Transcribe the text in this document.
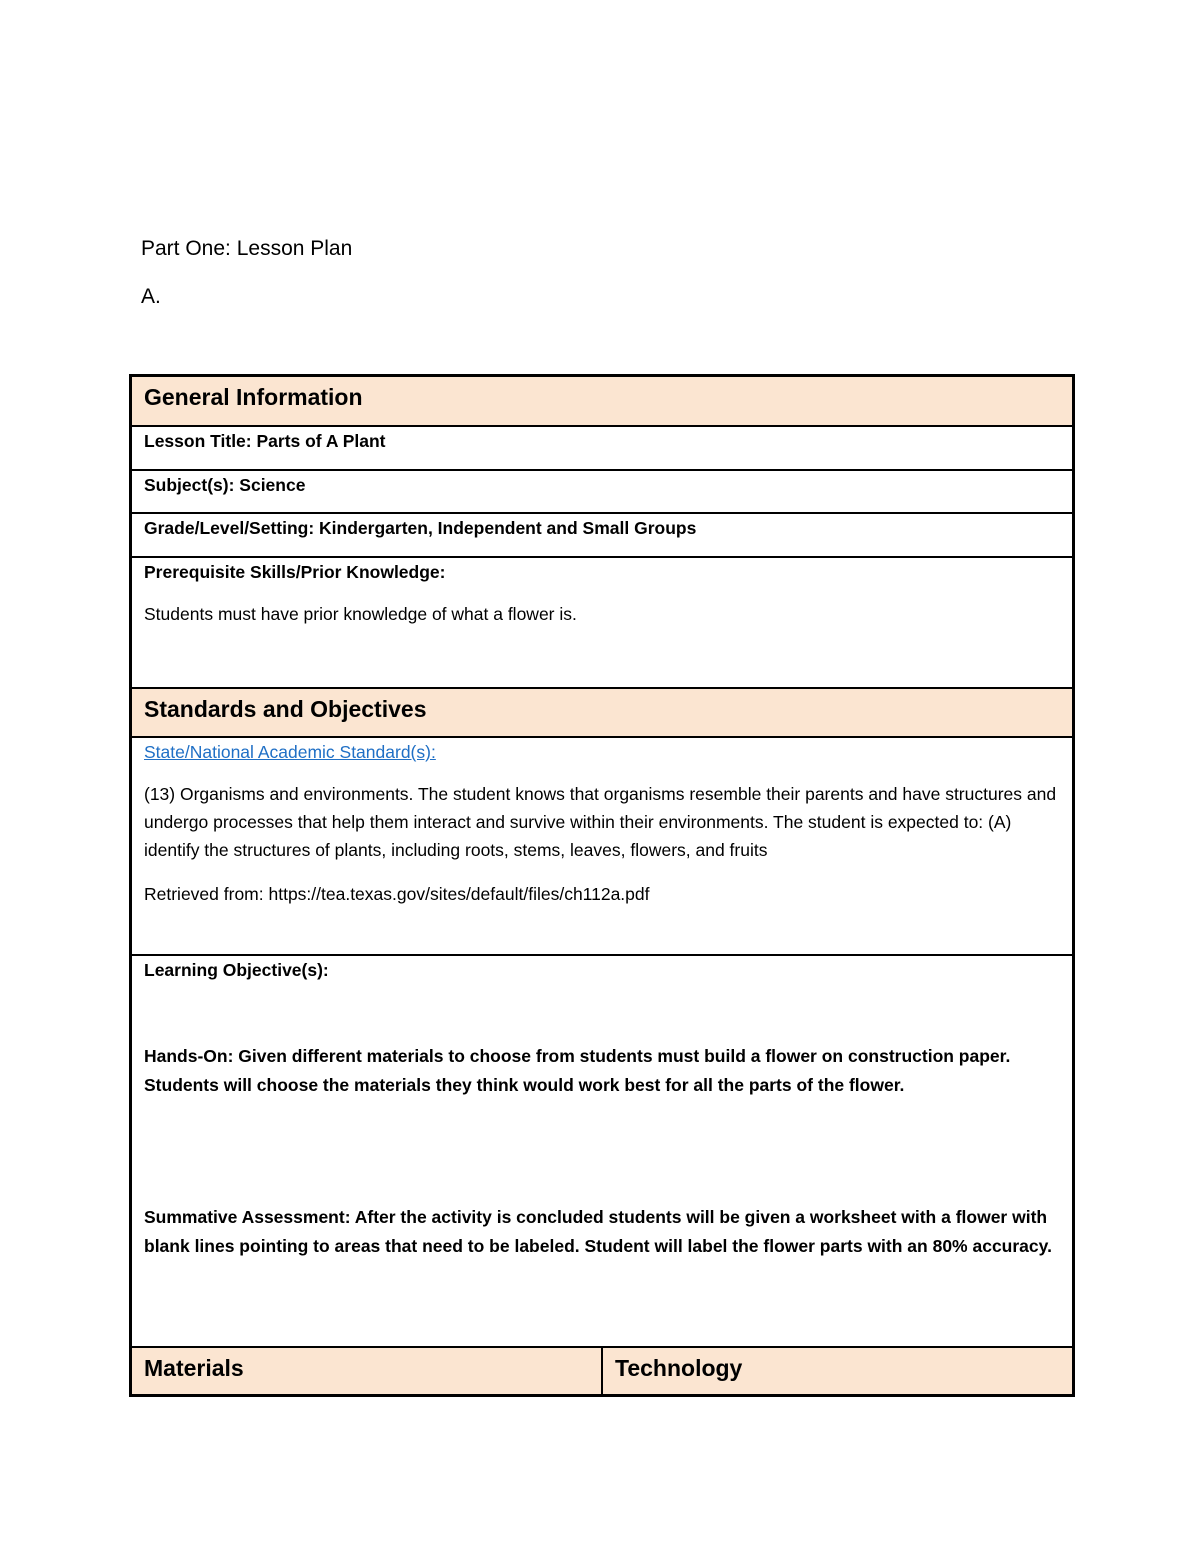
Part One: Lesson Plan
A.
General Information
Lesson Title: Parts of A Plant
Subject(s): Science
Grade/Level/Setting: Kindergarten, Independent and Small Groups
Prerequisite Skills/Prior Knowledge:
Students must have prior knowledge of what a flower is.
Standards and Objectives
State/National Academic Standard(s):
(13) Organisms and environments. The student knows that organisms resemble their parents and have structures and undergo processes that help them interact and survive within their environments. The student is expected to: (A) identify the structures of plants, including roots, stems, leaves, flowers, and fruits
Retrieved from: https://tea.texas.gov/sites/default/files/ch112a.pdf
Learning Objective(s):
Hands-On: Given different materials to choose from students must build a flower on construction paper. Students will choose the materials they think would work best for all the parts of the flower.
Summative Assessment: After the activity is concluded students will be given a worksheet with a flower with blank lines pointing to areas that need to be labeled. Student will label the flower parts with an 80% accuracy.
Materials	Technology
